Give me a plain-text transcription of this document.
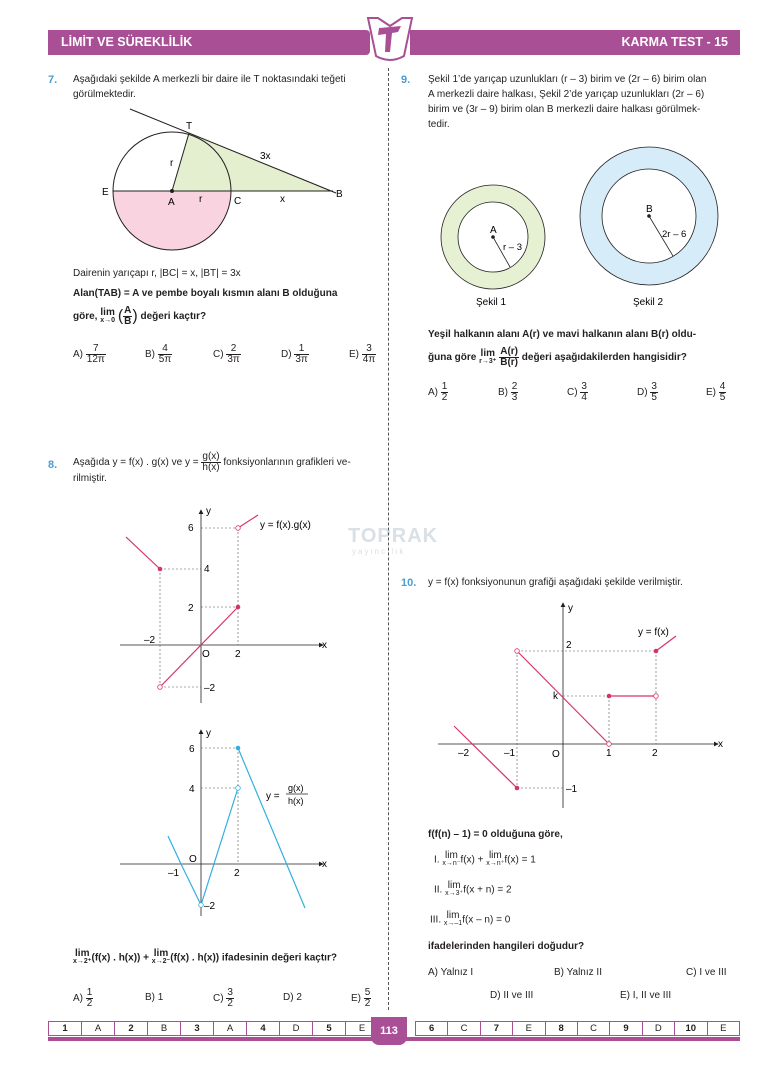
LİMİT VE SÜREKLİLİK	KARMA TEST - 15
TOPRAK
yayıncılık
7. Aşağıdaki şekilde A merkezli bir daire ile T noktasındaki teğeti
görülmektedir.
T
E
A	C
B
r
r	x
3x
Dairenin yarıçapı r, |BC| = x, |BT| = 3x
Alan(TAB) = A ve pembe boyalı kısmın alanı B olduğuna
göre, lim
x→0 ( $\frac{A}{B}$ ) değeri kaçtır?
$A) \frac{7}{12\pi}$	$B) \frac{4}{5\pi}$	$C) \frac{2}{3\pi}$	$D) \frac{1}{3\pi}$	$E) \frac{3}{4\pi}$
8. Aşağıda y = f(x) . g(x) ve $y = \frac{g(x)}{h(x)}$ fonksiyonlarının grafikleri ve-
rilmiştir.
y
x
O
6
4
2
–2
–2
2
y = f(x).g(x)
y
x
O
6
4
–2
–1	2
y =
g(x)
h(x)
lim
x→2⁺ (f(x) . h(x)) + lim
x→2⁻ (f(x) . h(x)) ifadesinin değeri kaçtır?
$A) \frac{1}{2}$	B) 1	$C) \frac{3}{2}$	D) 2	$E) \frac{5}{2}$
9. Şekil 1’de yarıçap uzunlukları (r – 3) birim ve (2r – 6) birim olan
A merkezli daire halkası, Şekil 2’de yarıçap uzunlukları (2r – 6)
birim ve (3r – 9) birim olan B merkezli daire halkası görülmek-
tedir.
A
r – 3
Şekil 1
B
2r – 6
Şekil 2
Yeşil halkanın alanı A(r) ve mavi halkanın alanı B(r) oldu-
ğuna göre lim
r→3⁺
$\frac{A(r)}{B(r)}$ değeri aşağıdakilerden hangisidir?
$A) \frac{1}{2}$	$B) \frac{2}{3}$	$C) \frac{3}{4}$	$D) \frac{3}{5}$	$E) \frac{4}{5}$
10. y = f(x) fonksiyonunun grafiği aşağıdaki şekilde verilmiştir.
y
x
O
2
k
–1
–2	–1	1	2
y = f(x)
f(f(n) – 1) = 0 olduğuna göre,
I. lim
x→n⁻ f(x) + lim
x→n⁺ f(x) = 1
II. lim
x→3⁺ f(x + n) = 2
III. lim
x→–1 f(x – n) = 0
ifadelerinden hangileri doğudur?
A) Yalnız I	B) Yalnız II	C) I ve III
D) II ve III	E) I, II ve III
1	A	2	B	3	A	4	D	5	E	6	C	7	E	8	C	9	D	10	E
113
